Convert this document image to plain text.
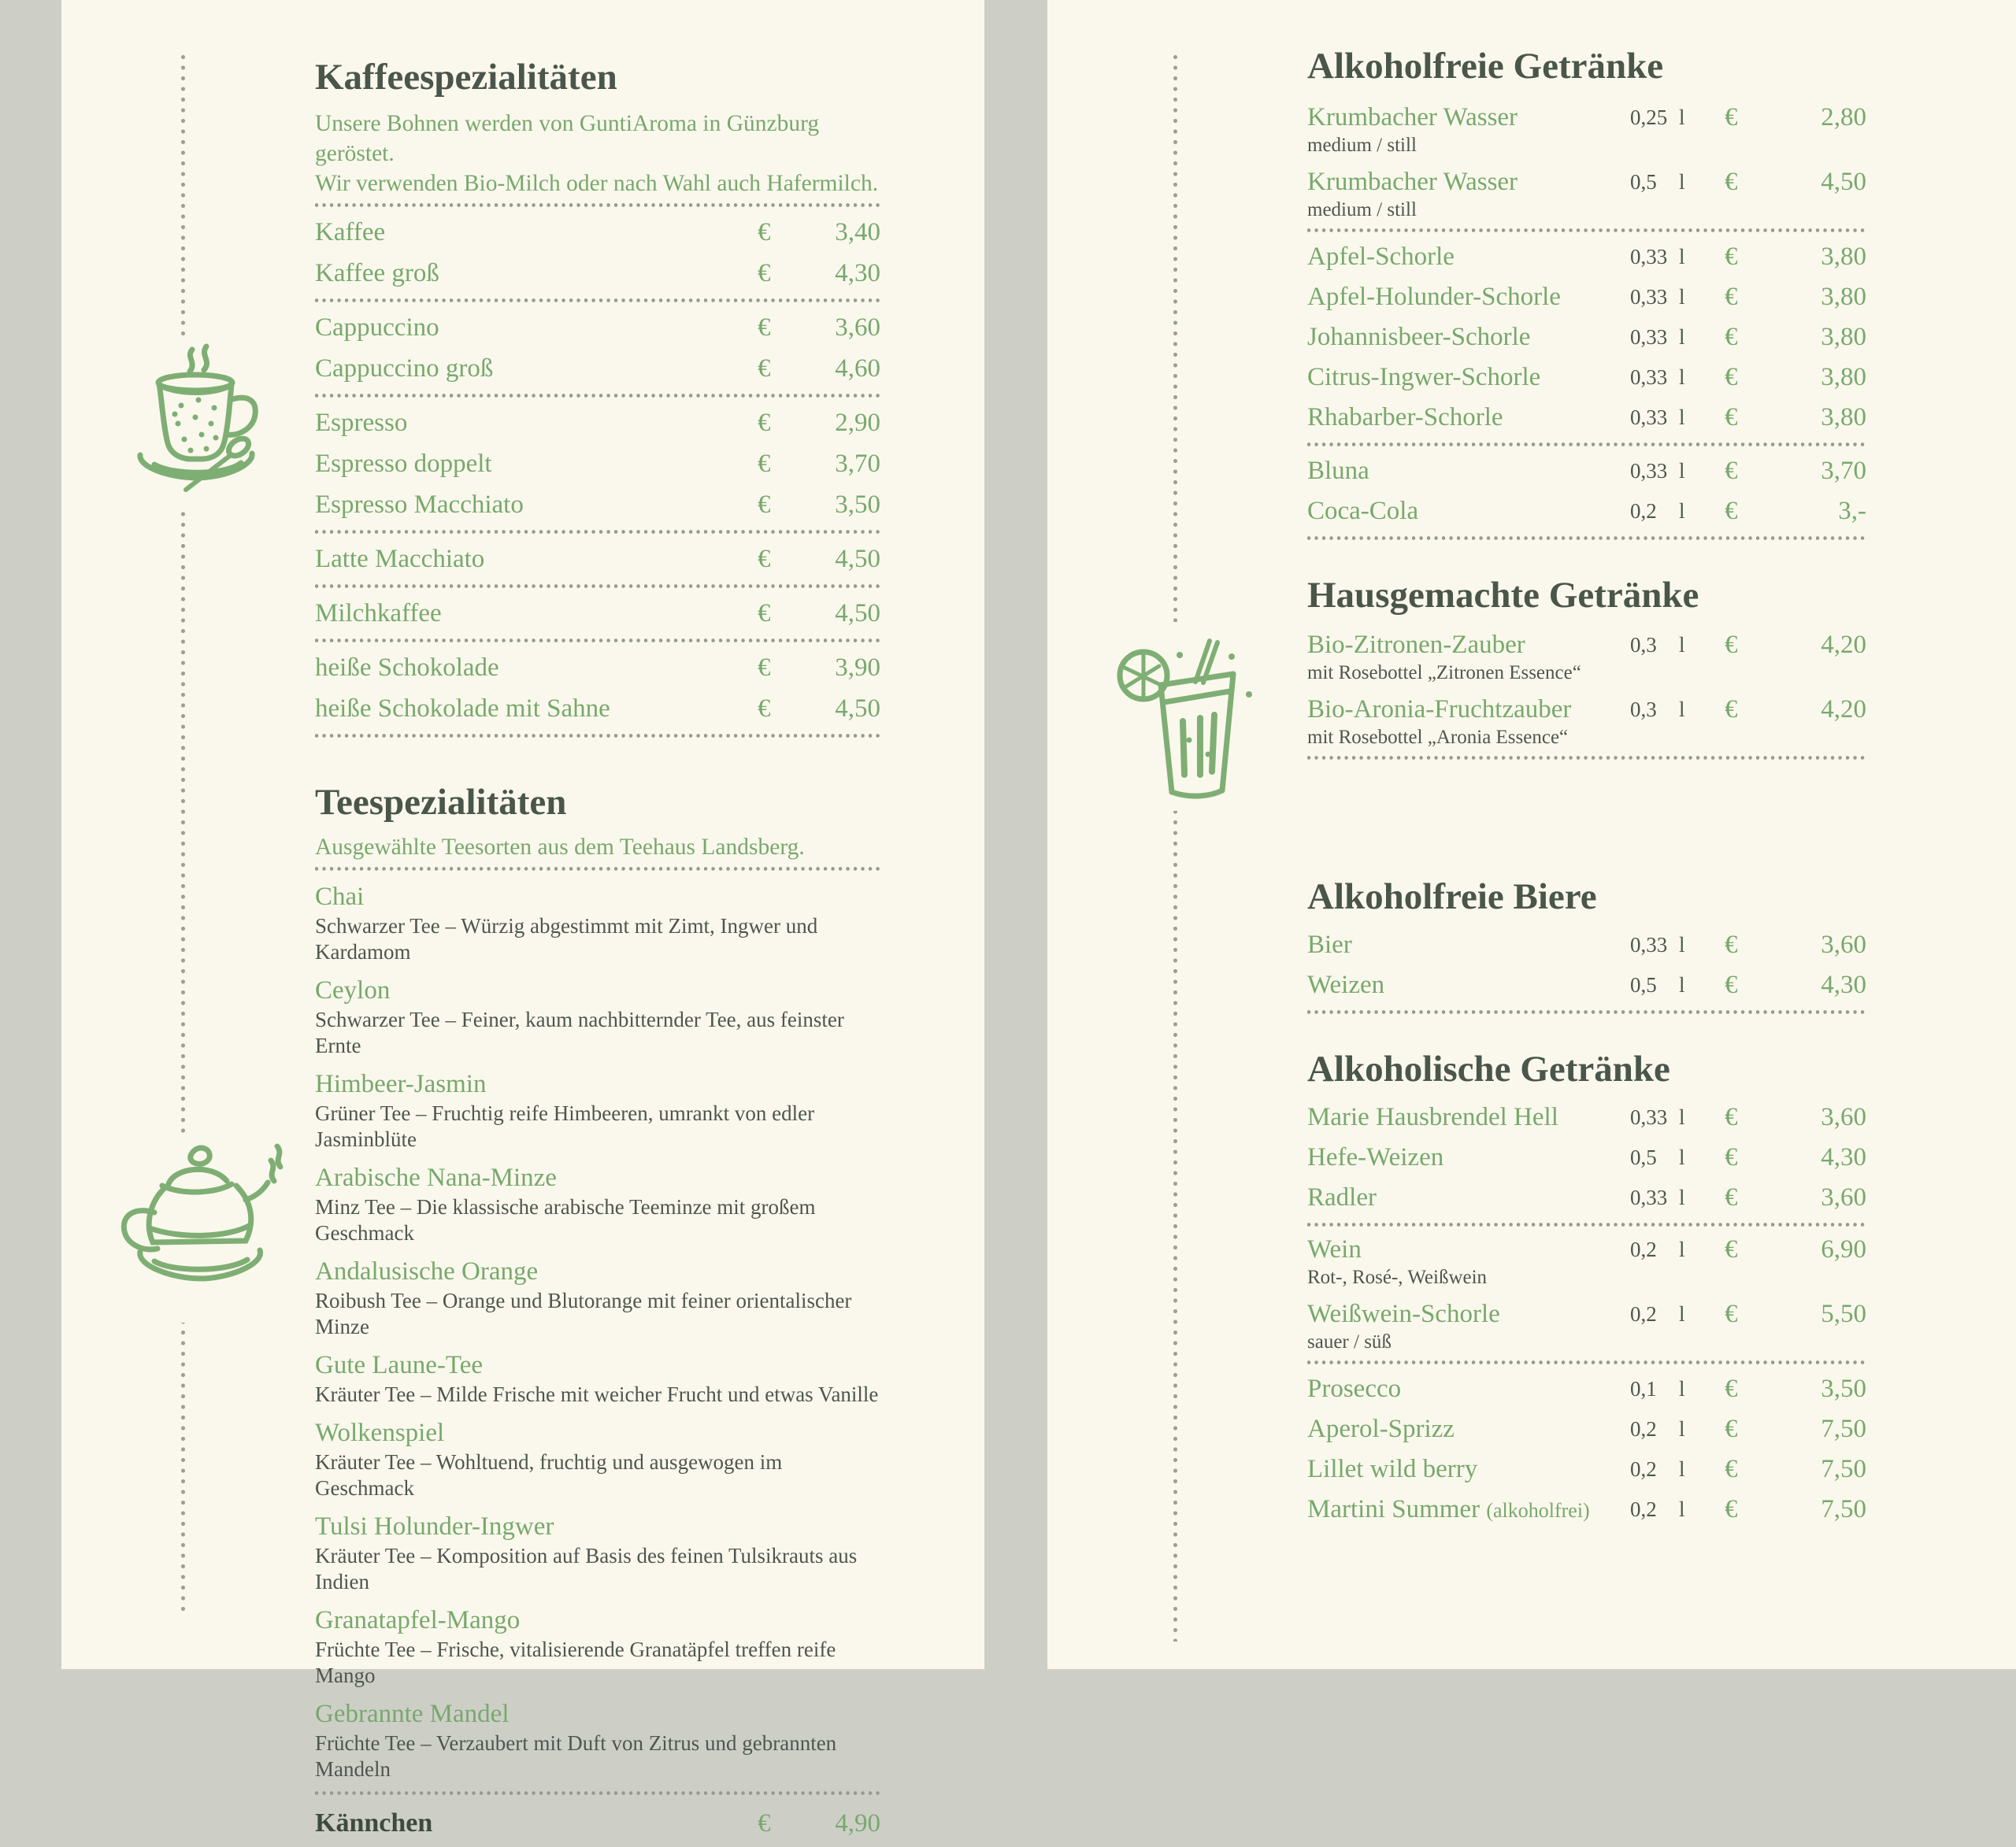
Kaffeespezialitäten

Unsere Bohnen werden von GuntiAroma in Günzburg geröstet.
Wir verwenden Bio-Milch oder nach Wahl auch Hafermilch.

Kaffee	€	3,40
Kaffee groß	€	4,30
Cappuccino	€	3,60
Cappuccino groß	€	4,60
Espresso	€	2,90
Espresso doppelt	€	3,70
Espresso Macchiato	€	3,50
Latte Macchiato	€	4,50
Milchkaffee	€	4,50
heiße Schokolade	€	3,90
heiße Schokolade mit Sahne	€	4,50
Teespezialitäten

Ausgewählte Teesorten aus dem Teehaus Landsberg.

Chai
Schwarzer Tee – Würzig abgestimmt mit Zimt, Ingwer und Kardamom
Ceylon
Schwarzer Tee – Feiner, kaum nachbitternder Tee, aus feinster Ernte
Himbeer-Jasmin
Grüner Tee – Fruchtig reife Himbeeren, umrankt von edler Jasminblüte
Arabische Nana-Minze
Minz Tee – Die klassische arabische Teeminze mit großem Geschmack
Andalusische Orange
Roibush Tee – Orange und Blutorange mit feiner orientalischer Minze
Gute Laune-Tee
Kräuter Tee – Milde Frische mit weicher Frucht und etwas Vanille
Wolkenspiel
Kräuter Tee – Wohltuend, fruchtig und ausgewogen im Geschmack
Tulsi Holunder-Ingwer
Kräuter Tee – Komposition auf Basis des feinen Tulsikrauts aus Indien
Granatapfel-Mango
Früchte Tee – Frische, vitalisierende Granatäpfel treffen reife Mango
Gebrannte Mandel
Früchte Tee – Verzaubert mit Duft von Zitrus und gebrannten Mandeln
Kännchen	€	4,90
Alkoholfreie Getränke
Krumbacher Wasser	0,25 l	€	2,80
medium / still
Krumbacher Wasser	0,5	l	€	4,50
medium / still
Apfel-Schorle	0,33 l	€	3,80
Apfel-Holunder-Schorle	0,33 l	€	3,80
Johannisbeer-Schorle	0,33 l	€	3,80
Citrus-Ingwer-Schorle	0,33 l	€	3,80
Rhabarber-Schorle	0,33 l	€	3,80
Bluna	0,33 l	€	3,70
Coca-Cola	0,2	l	€	3,-
Hausgemachte Getränke
Bio-Zitronen-Zauber	0,3	l	€	4,20
mit Rosebottel „Zitronen Essence“
Bio-Aronia-Fruchtzauber	0,3	l	€	4,20
mit Rosebottel „Aronia Essence“
Alkoholfreie Biere
Bier	0,33 l	€	3,60
Weizen	0,5	l	€	4,30
Alkoholische Getränke
Marie Hausbrendel Hell	0,33 l	€	3,60
Hefe-Weizen	0,5	l	€	4,30
Radler	0,33 l	€	3,60
Wein	0,2	l	€	6,90
Rot-, Rosé-, Weißwein
Weißwein-Schorle	0,2	l	€	5,50
sauer / süß
Prosecco	0,1	l	€	3,50
Aperol-Sprizz	0,2	l	€	7,50
Lillet wild berry	0,2	l	€	7,50
Martini Summer (alkoholfrei)	0,2	l	€	7,50
